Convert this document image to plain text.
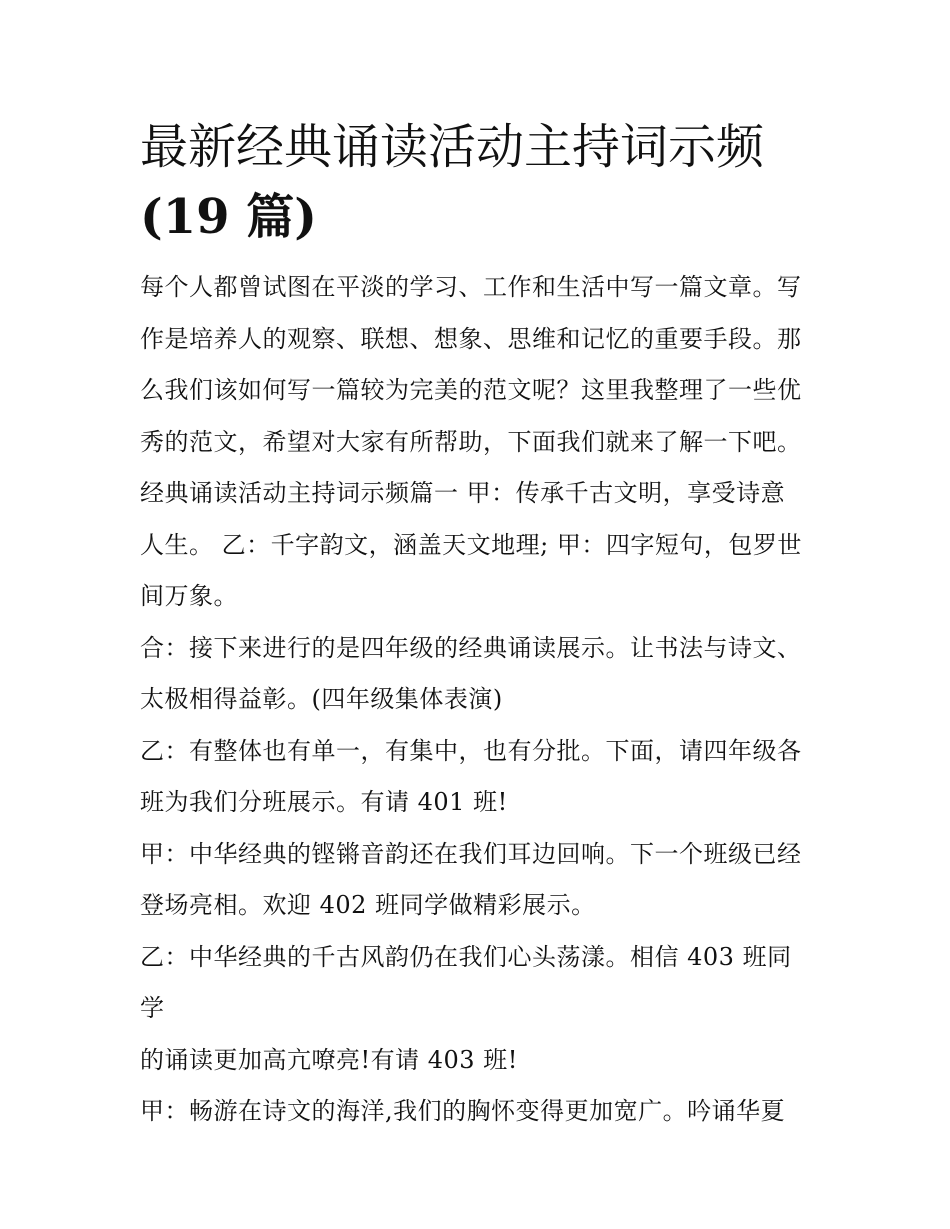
最新经典诵读活动主持词示频
(19 篇)

每个人都曾试图在平淡的学习、工作和生活中写一篇文章。写
作是培养人的观察、联想、想象、思维和记忆的重要手段。那
么我们该如何写一篇较为完美的范文呢？这里我整理了一些优
秀的范文，希望对大家有所帮助，下面我们就来了解一下吧。
经典诵读活动主持词示频篇一 甲：传承千古文明，享受诗意
人生。 乙：千字韵文，涵盖天文地理; 甲：四字短句，包罗世
间万象。

合：接下来进行的是四年级的经典诵读展示。让书法与诗文、
太极相得益彰。(四年级集体表演)

乙：有整体也有单一，有集中，也有分批。下面，请四年级各
班为我们分班展示。有请 401 班!

甲：中华经典的铿锵音韵还在我们耳边回响。下一个班级已经
登场亮相。欢迎 402 班同学做精彩展示。

乙：中华经典的千古风韵仍在我们心头荡漾。相信 403 班同学
的诵读更加高亢嘹亮!有请 403 班!

甲：畅游在诗文的海洋,我们的胸怀变得更加宽广。吟诵华夏
